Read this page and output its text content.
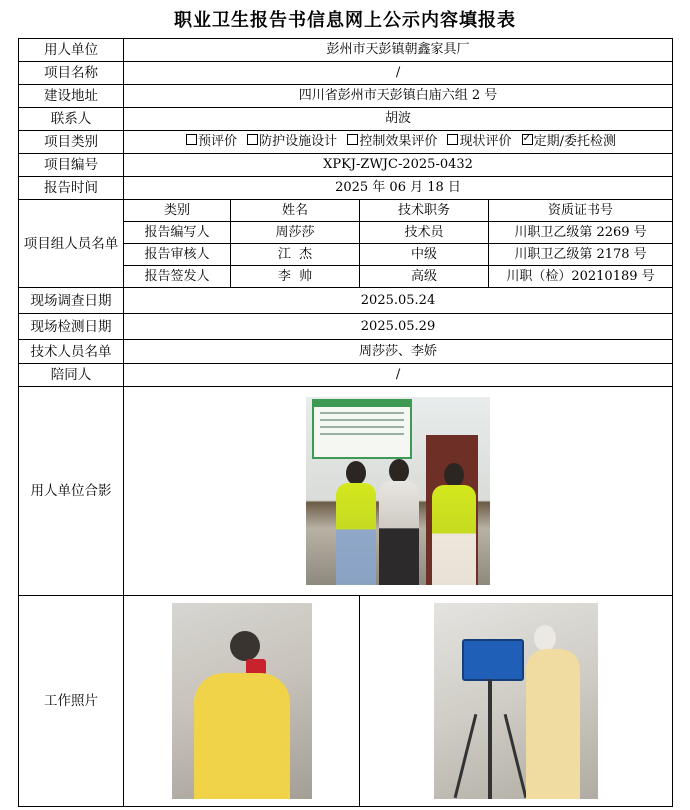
职业卫生报告书信息网上公示内容填报表
用人单位	彭州市天彭镇朝鑫家具厂			
项目名称	/			
建设地址	四川省彭州市天彭镇白庙六组 2 号			
联系人	胡波			
项目类别	预评价 防护设施设计 控制效果评价 现状评价 ✓ 定期/委托检测
项目编号	XPKJ-ZWJC-2025-0432			
报告时间	2025 年 06 月 18 日			
项目组人员名单	类别	姓名	技术职务	资质证书号
	报告编写人	周莎莎	技术员	川职卫乙级第 2269 号
	报告审核人	江  杰	中级	川职卫乙级第 2178 号
	报告签发人	李  帅	高级	川职（检）20210189 号
现场调查日期	2025.05.24			
现场检测日期	2025.05.29			
技术人员名单	周莎莎、李娇			
陪同人	/			
用人单位合影				

工作照片			
